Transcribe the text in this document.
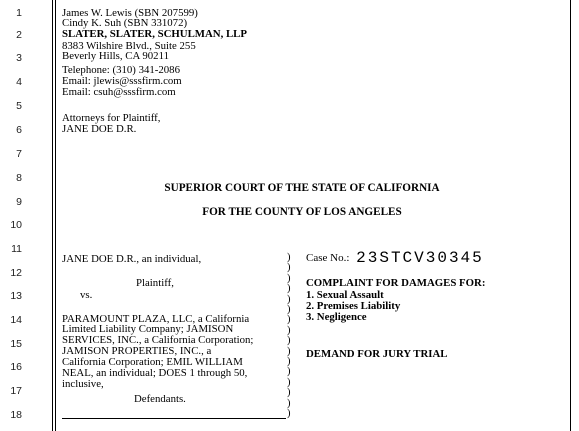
1
2
3
4
5
6
7
8
9
10
11
12
13
14
15
16
17
18
James W. Lewis (SBN 207599)
Cindy K. Suh (SBN 331072)
SLATER, SLATER, SCHULMAN, LLP
8383 Wilshire Blvd., Suite 255
Beverly Hills, CA 90211
Telephone: (310) 341-2086
Email: jlewis@sssfirm.com
Email: csuh@sssfirm.com
Attorneys for Plaintiff,
JANE DOE D.R.
SUPERIOR COURT OF THE STATE OF CALIFORNIA
FOR THE COUNTY OF LOS ANGELES
JANE DOE D.R., an individual,
Plaintiff,
vs.
PARAMOUNT PLAZA, LLC, a California
Limited Liability Company; JAMISON
SERVICES, INC., a California Corporation;
JAMISON PROPERTIES, INC., a
California Corporation; EMIL WILLIAM
NEAL, an individual; DOES 1 through 50,
inclusive,
Defendants.
)
)
)
)
)
)
)
)
)
)
)
)
)
)
)
)
Case No.: 23STCV30345
COMPLAINT FOR DAMAGES FOR:
1. Sexual Assault
2. Premises Liability
3. Negligence
DEMAND FOR JURY TRIAL
